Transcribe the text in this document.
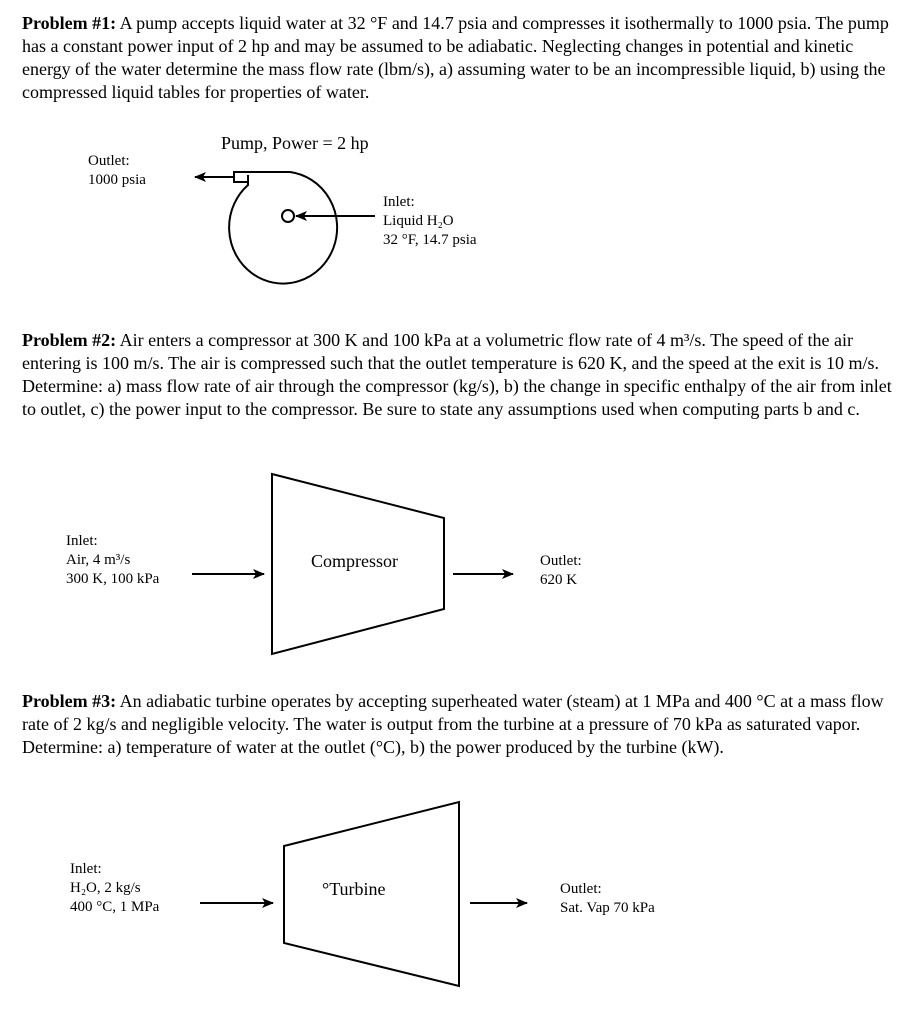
Problem #1: A pump accepts liquid water at 32 °F and 14.7 psia and compresses it isothermally to 1000 psia. The pump has a constant power input of 2 hp and may be assumed to be adiabatic. Neglecting changes in potential and kinetic energy of the water determine the mass flow rate (lbm/s), a) assuming water to be an incompressible liquid, b) using the compressed liquid tables for properties of water.

Pump, Power = 2 hp
Outlet:
1000 psia
Inlet:
Liquid H₂O
32 °F, 14.7 psia

Problem #2: Air enters a compressor at 300 K and 100 kPa at a volumetric flow rate of 4 m³/s. The speed of the air entering is 100 m/s. The air is compressed such that the outlet temperature is 620 K, and the speed at the exit is 10 m/s. Determine: a) mass flow rate of air through the compressor (kg/s), b) the change in specific enthalpy of the air from inlet to outlet, c) the power input to the compressor. Be sure to state any assumptions used when computing parts b and c.

Inlet:
Air, 4 m³/s
300 K, 100 kPa
Compressor	Outlet:
620 K

Problem #3: An adiabatic turbine operates by accepting superheated water (steam) at 1 MPa and 400 °C at a mass flow rate of 2 kg/s and negligible velocity. The water is output from the turbine at a pressure of 70 kPa as saturated vapor. Determine: a) temperature of water at the outlet (°C), b) the power produced by the turbine (kW).

Inlet:
H₂O, 2 kg/s
400 °C, 1 MPa
°Turbine	Outlet:
Sat. Vap 70 kPa
